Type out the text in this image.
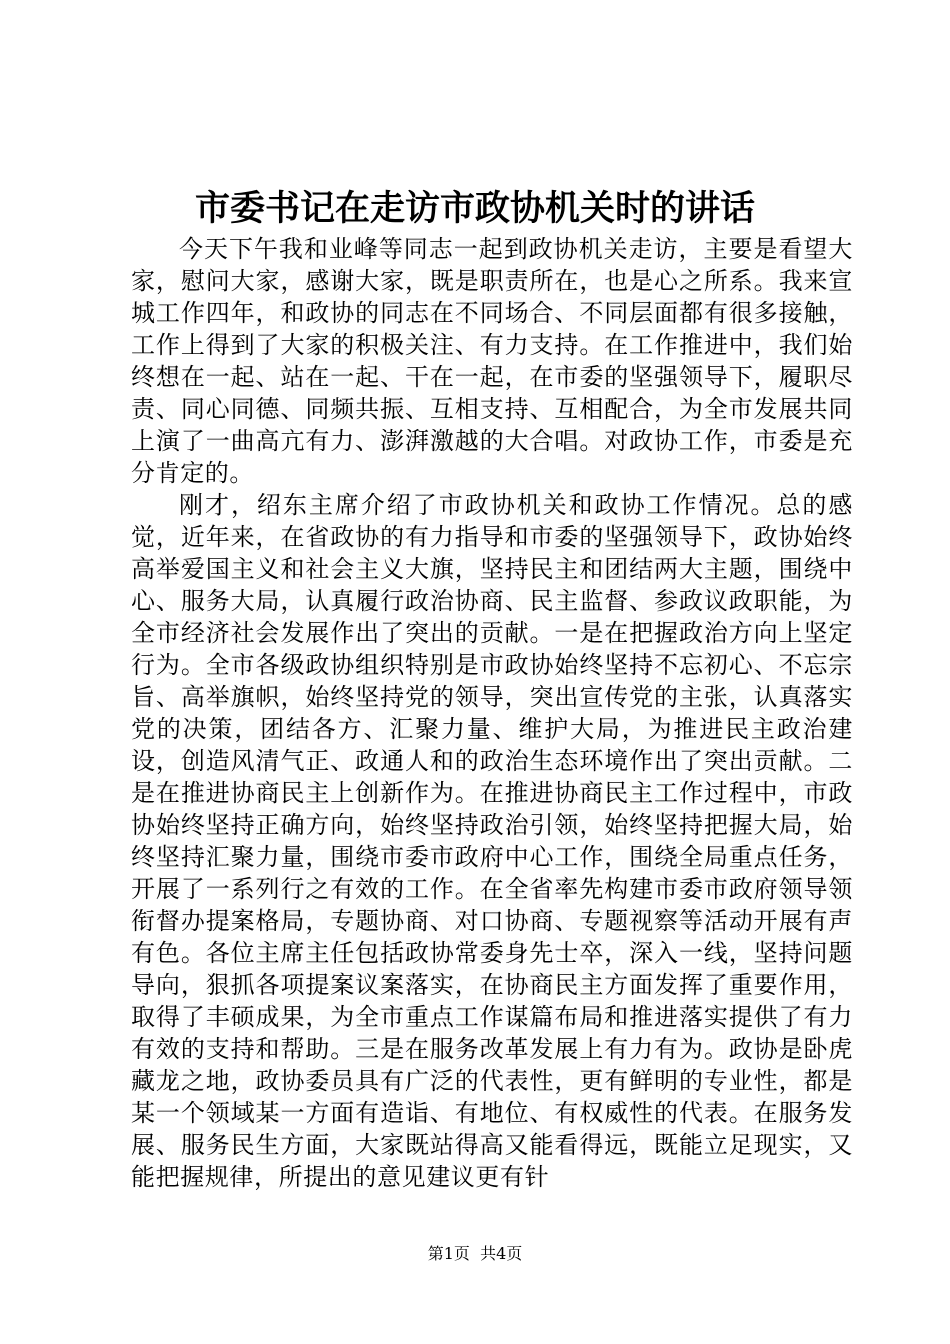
市委书记在走访市政协机关时的讲话

今天下午我和业峰等同志一起到政协机关走访，主要是看望大家，慰问大家，感谢大家，既是职责所在，也是心之所系。我来宣城工作四年，和政协的同志在不同场合、不同层面都有很多接触，工作上得到了大家的积极关注、有力支持。在工作推进中，我们始终想在一起、站在一起、干在一起，在市委的坚强领导下，履职尽责、同心同德、同频共振、互相支持、互相配合，为全市发展共同上演了一曲高亢有力、澎湃激越的大合唱。对政协工作，市委是充分肯定的。

刚才，绍东主席介绍了市政协机关和政协工作情况。总的感觉，近年来，在省政协的有力指导和市委的坚强领导下，政协始终高举爱国主义和社会主义大旗，坚持民主和团结两大主题，围绕中心、服务大局，认真履行政治协商、民主监督、参政议政职能，为全市经济社会发展作出了突出的贡献。一是在把握政治方向上坚定行为。全市各级政协组织特别是市政协始终坚持不忘初心、不忘宗旨、高举旗帜，始终坚持党的领导，突出宣传党的主张，认真落实党的决策，团结各方、汇聚力量、维护大局，为推进民主政治建设，创造风清气正、政通人和的政治生态环境作出了突出贡献。二是在推进协商民主上创新作为。在推进协商民主工作过程中，市政协始终坚持正确方向，始终坚持政治引领，始终坚持把握大局，始终坚持汇聚力量，围绕市委市政府中心工作，围绕全局重点任务，开展了一系列行之有效的工作。在全省率先构建市委市政府领导领衔督办提案格局，专题协商、对口协商、专题视察等活动开展有声有色。各位主席主任包括政协常委身先士卒，深入一线，坚持问题导向，狠抓各项提案议案落实，在协商民主方面发挥了重要作用，取得了丰硕成果，为全市重点工作谋篇布局和推进落实提供了有力有效的支持和帮助。三是在服务改革发展上有力有为。政协是卧虎藏龙之地，政协委员具有广泛的代表性，更有鲜明的专业性，都是某一个领域某一方面有造诣、有地位、有权威性的代表。在服务发展、服务民生方面，大家既站得高又能看得远，既能立足现实，又能把握规律，所提出的意见建议更有针

第1页  共4页
